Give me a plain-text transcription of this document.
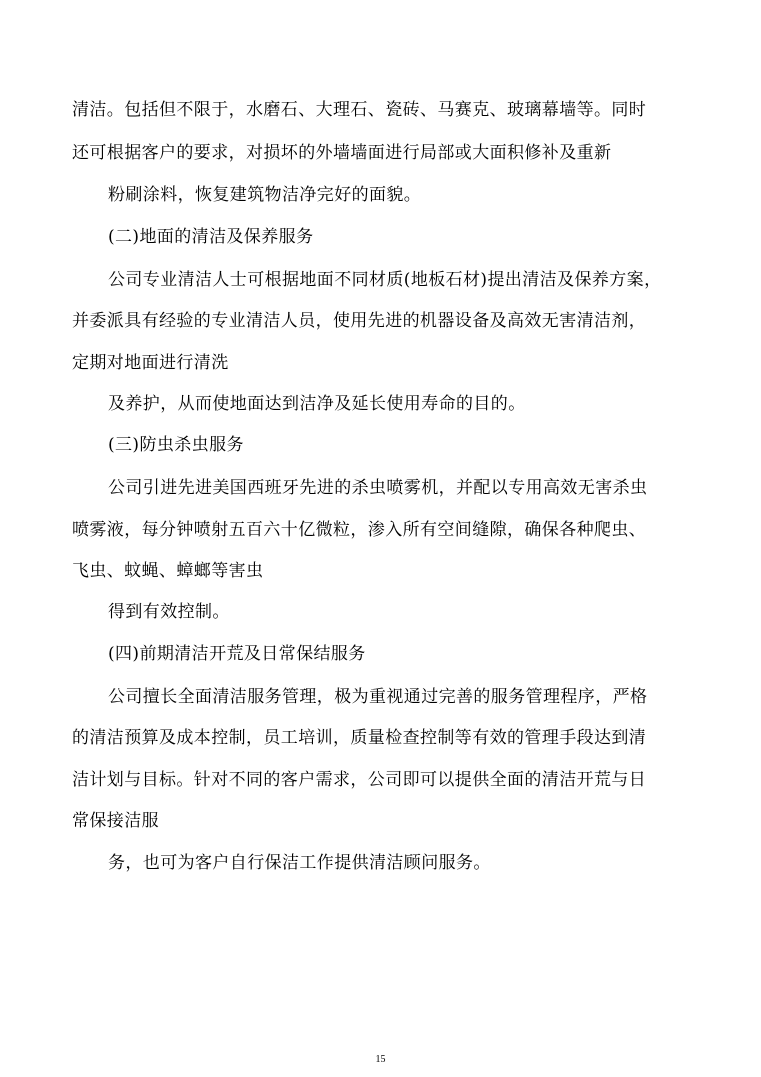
清洁。包括但不限于，水磨石、大理石、瓷砖、马赛克、玻璃幕墙等。同时
还可根据客户的要求，对损坏的外墙墙面进行局部或大面积修补及重新
粉刷涂料，恢复建筑物洁净完好的面貌。
(二)地面的清洁及保养服务
公司专业清洁人士可根据地面不同材质(地板石材)提出清洁及保养方案，
并委派具有经验的专业清洁人员，使用先进的机器设备及高效无害清洁剂，
定期对地面进行清洗
及养护，从而使地面达到洁净及延长使用寿命的目的。
(三)防虫杀虫服务
公司引进先进美国西班牙先进的杀虫喷雾机，并配以专用高效无害杀虫
喷雾液，每分钟喷射五百六十亿微粒，渗入所有空间缝隙，确保各种爬虫、
飞虫、蚊蝇、蟑螂等害虫
得到有效控制。
(四)前期清洁开荒及日常保结服务
公司擅长全面清洁服务管理，极为重视通过完善的服务管理程序，严格
的清洁预算及成本控制，员工培训，质量检查控制等有效的管理手段达到清
洁计划与目标。针对不同的客户需求，公司即可以提供全面的清洁开荒与日
常保接洁服
务，也可为客户自行保洁工作提供清洁顾问服务。
15
